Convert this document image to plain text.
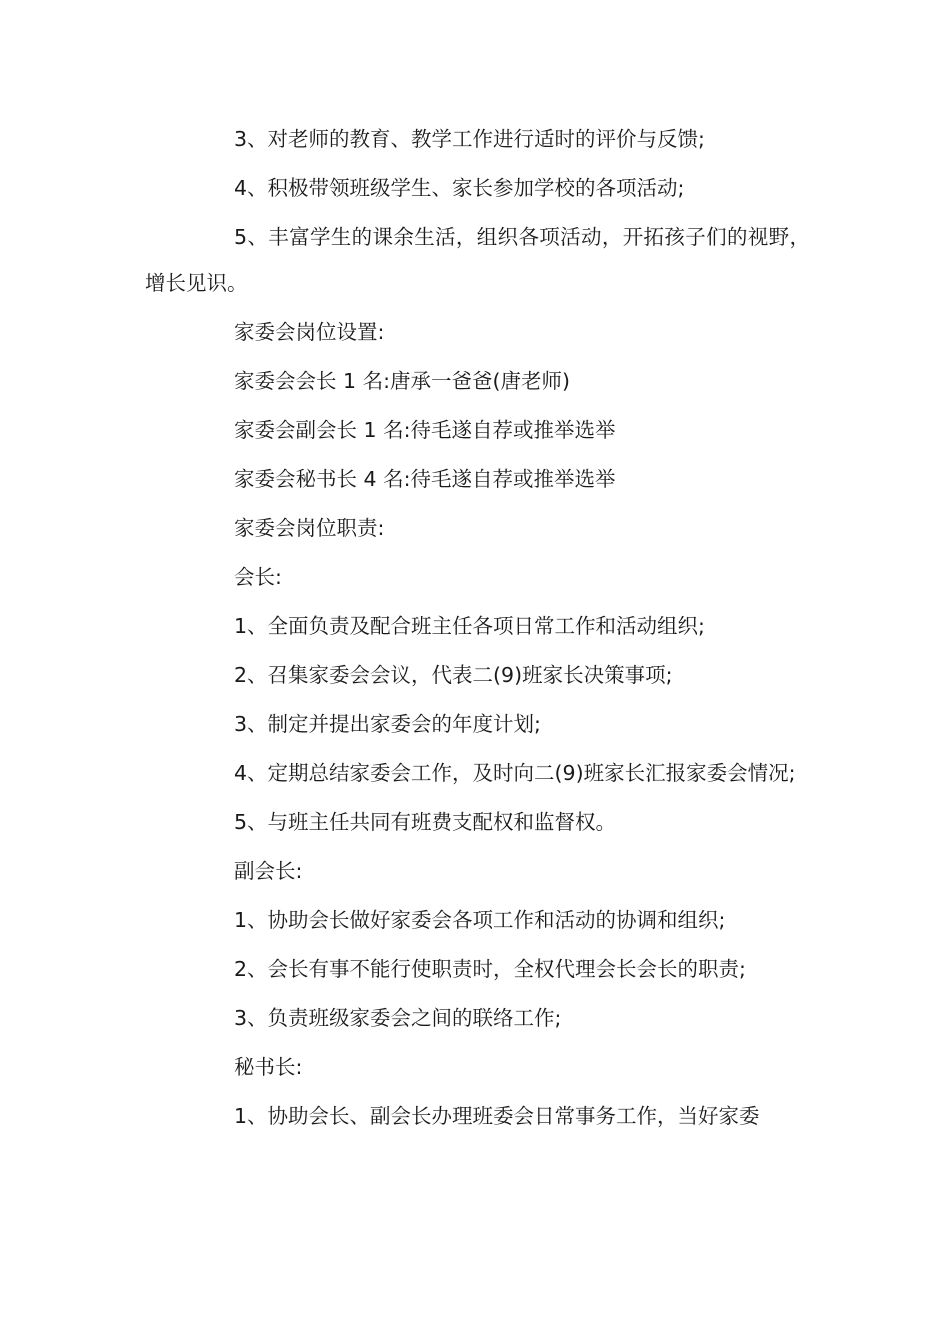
3、对老师的教育、教学工作进行适时的评价与反馈;

4、积极带领班级学生、家长参加学校的各项活动;

5、丰富学生的课余生活，组织各项活动，开拓孩子们的视野，增长见识。

家委会岗位设置:

家委会会长 1 名:唐承一爸爸(唐老师)

家委会副会长 1 名:待毛遂自荐或推举选举

家委会秘书长 4 名:待毛遂自荐或推举选举

家委会岗位职责:

会长:

1、全面负责及配合班主任各项日常工作和活动组织;

2、召集家委会会议，代表二(9)班家长决策事项;

3、制定并提出家委会的年度计划;

4、定期总结家委会工作，及时向二(9)班家长汇报家委会情况;

5、与班主任共同有班费支配权和监督权。

副会长:

1、协助会长做好家委会各项工作和活动的协调和组织;

2、会长有事不能行使职责时，全权代理会长会长的职责;

3、负责班级家委会之间的联络工作;

秘书长:

1、协助会长、副会长办理班委会日常事务工作，当好家委
